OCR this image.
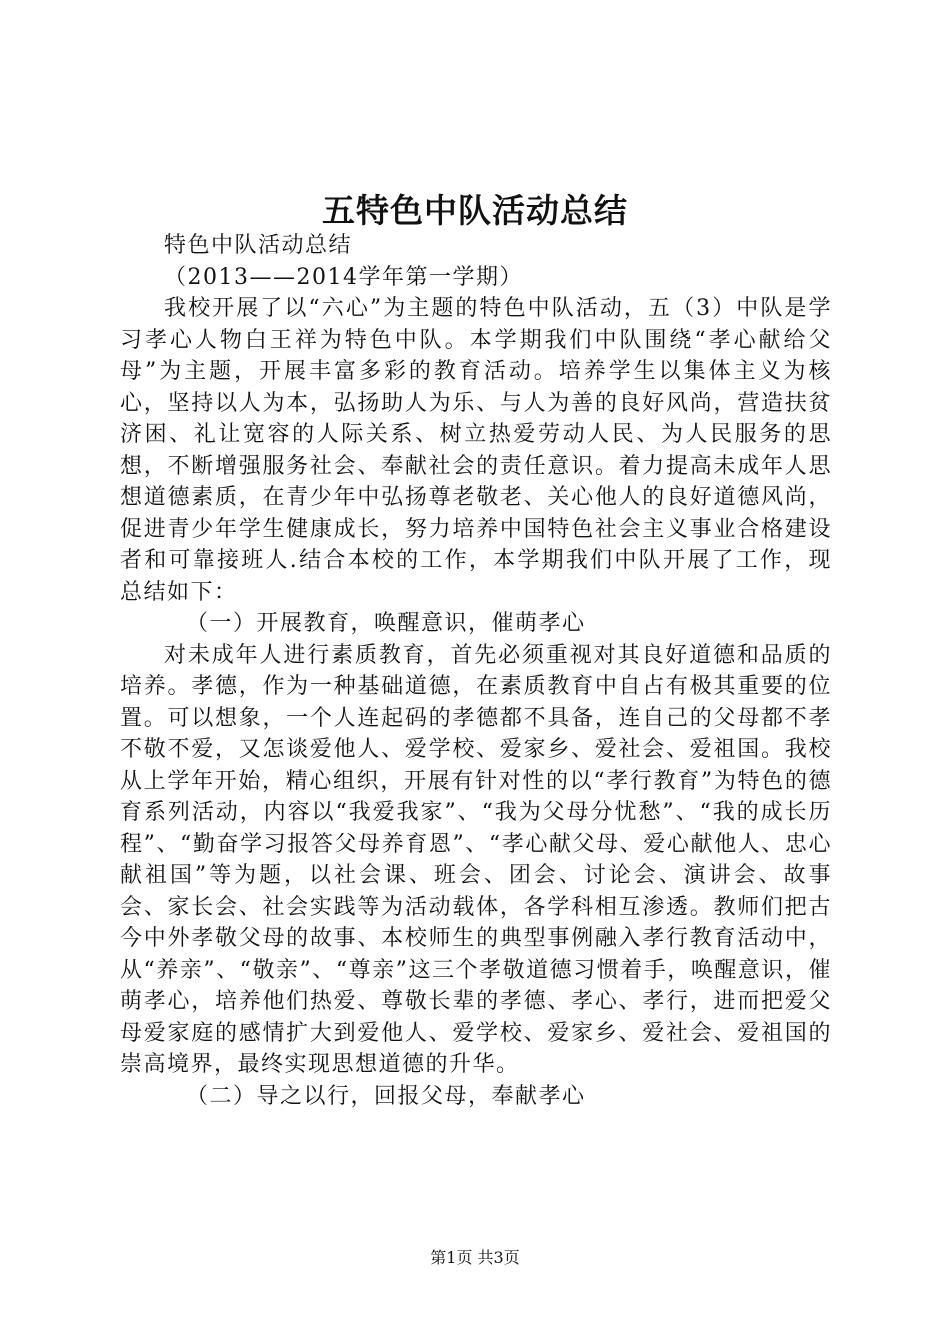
五特色中队活动总结

特色中队活动总结

（2013——2014学年第一学期）

我校开展了以“六心”为主题的特色中队活动，五（3）中队是学习孝心人物白王祥为特色中队。本学期我们中队围绕“孝心献给父母”为主题，开展丰富多彩的教育活动。培养学生以集体主义为核心，坚持以人为本，弘扬助人为乐、与人为善的良好风尚，营造扶贫济困、礼让宽容的人际关系、树立热爱劳动人民、为人民服务的思想，不断增强服务社会、奉献社会的责任意识。着力提高未成年人思想道德素质，在青少年中弘扬尊老敬老、关心他人的良好道德风尚，促进青少年学生健康成长，努力培养中国特色社会主义事业合格建设者和可靠接班人.结合本校的工作，本学期我们中队开展了工作，现总结如下：

（一）开展教育，唤醒意识，催萌孝心

对未成年人进行素质教育，首先必须重视对其良好道德和品质的培养。孝德，作为一种基础道德，在素质教育中自占有极其重要的位置。可以想象，一个人连起码的孝德都不具备，连自己的父母都不孝不敬不爱，又怎谈爱他人、爱学校、爱家乡、爱社会、爱祖国。我校从上学年开始，精心组织，开展有针对性的以“孝行教育”为特色的德育系列活动，内容以“我爱我家”、“我为父母分忧愁”、“我的成长历程”、“勤奋学习报答父母养育恩”、“孝心献父母、爱心献他人、忠心献祖国”等为题，以社会课、班会、团会、讨论会、演讲会、故事会、家长会、社会实践等为活动载体，各学科相互渗透。教师们把古今中外孝敬父母的故事、本校师生的典型事例融入孝行教育活动中，从“养亲”、“敬亲”、“尊亲”这三个孝敬道德习惯着手，唤醒意识，催萌孝心，培养他们热爱、尊敬长辈的孝德、孝心、孝行，进而把爱父母爱家庭的感情扩大到爱他人、爱学校、爱家乡、爱社会、爱祖国的崇高境界，最终实现思想道德的升华。

（二）导之以行，回报父母，奉献孝心

第1页 共3页
